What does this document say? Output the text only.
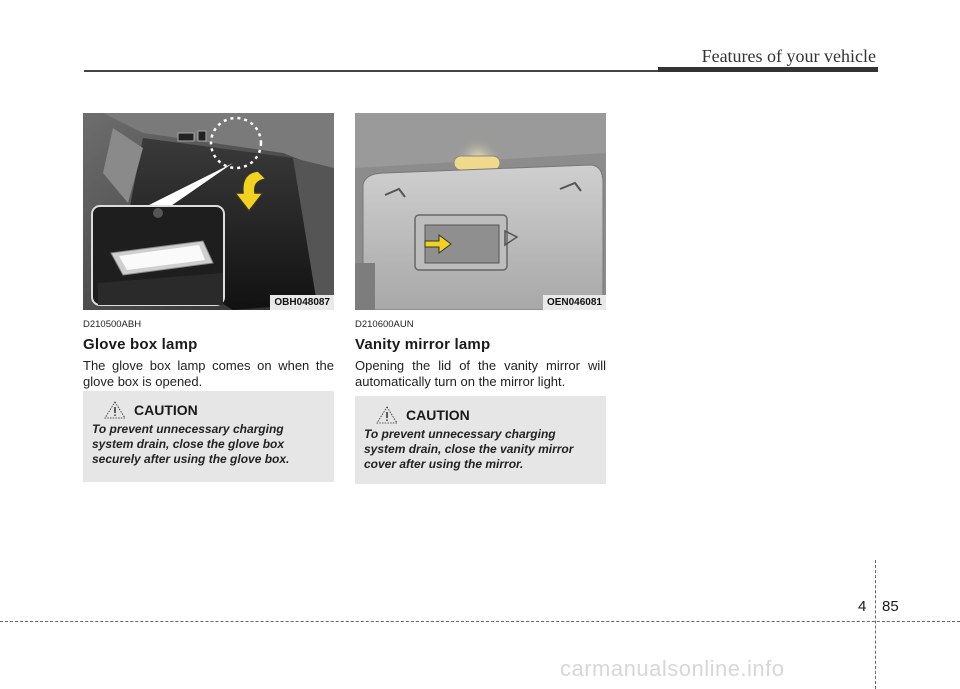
Features of your vehicle
OBH048087
D210500ABH
Glove box lamp
The glove box lamp comes on when the glove box is opened.
CAUTION
To prevent unnecessary charging system drain, close the glove box securely after using the glove box.
OEN046081
D210600AUN
Vanity mirror lamp
Opening the lid of the vanity mirror will automatically turn on the mirror light.
CAUTION
To prevent unnecessary charging system drain, close the vanity mirror cover after using the mirror.
4 85
carmanualsonline.info
